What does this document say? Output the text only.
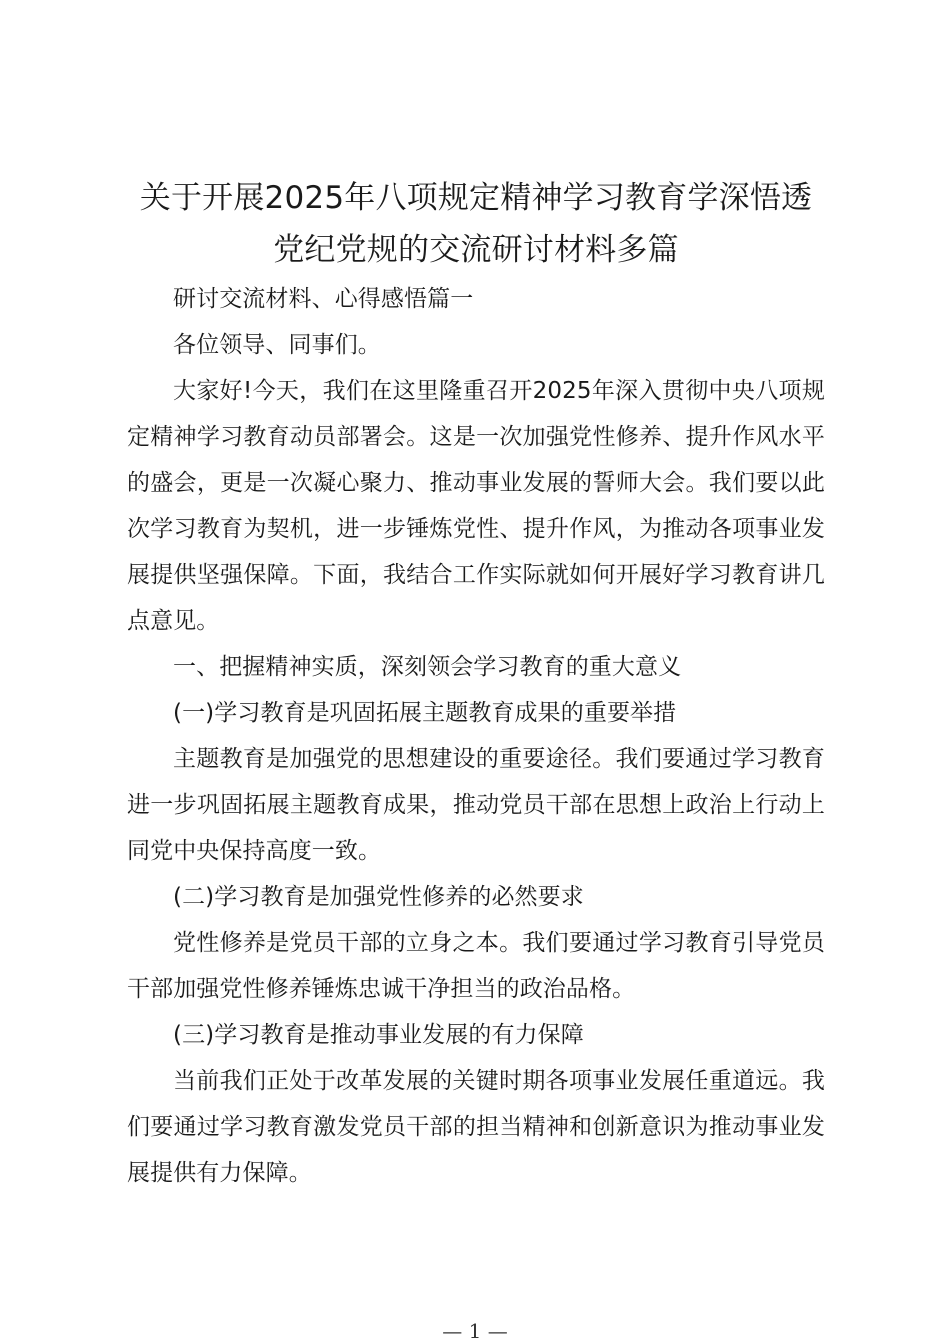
关于开展2025年八项规定精神学习教育学深悟透党纪党规的交流研讨材料多篇

研讨交流材料、心得感悟篇一

各位领导、同事们。

大家好!今天，我们在这里隆重召开2025年深入贯彻中央八项规定精神学习教育动员部署会。这是一次加强党性修养、提升作风水平的盛会，更是一次凝心聚力、推动事业发展的誓师大会。我们要以此次学习教育为契机，进一步锤炼党性、提升作风，为推动各项事业发展提供坚强保障。下面，我结合工作实际就如何开展好学习教育讲几点意见。

一、把握精神实质，深刻领会学习教育的重大意义

(一)学习教育是巩固拓展主题教育成果的重要举措

主题教育是加强党的思想建设的重要途径。我们要通过学习教育进一步巩固拓展主题教育成果，推动党员干部在思想上政治上行动上同党中央保持高度一致。

(二)学习教育是加强党性修养的必然要求

党性修养是党员干部的立身之本。我们要通过学习教育引导党员干部加强党性修养锤炼忠诚干净担当的政治品格。

(三)学习教育是推动事业发展的有力保障

当前我们正处于改革发展的关键时期各项事业发展任重道远。我们要通过学习教育激发党员干部的担当精神和创新意识为推动事业发展提供有力保障。

— 1 —
